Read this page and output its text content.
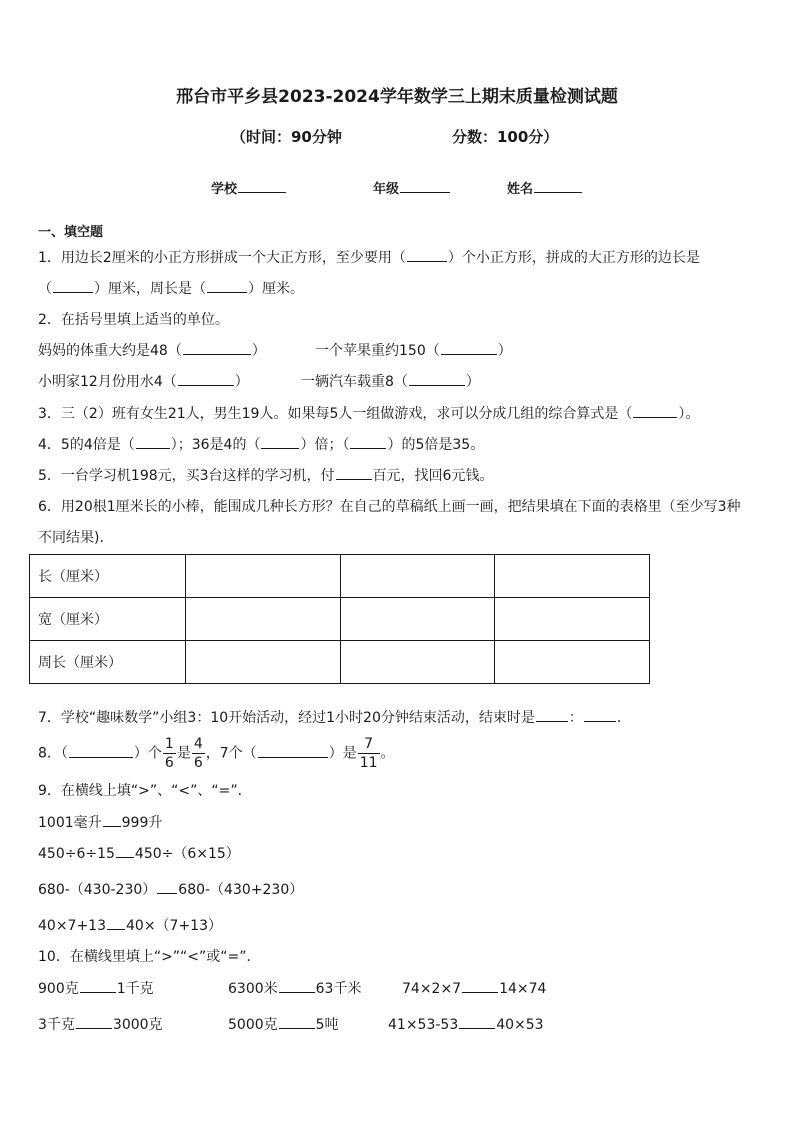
邢台市平乡县2023-2024学年数学三上期末质量检测试题
（时间：90分钟	分数：100分）
学校	年级	姓名
一、填空题
1．用边长2厘米的小正方形拼成一个大正方形，至少要用（	）个小正方形，拼成的大正方形的边长是
（	）厘米，周长是（	）厘米。
2．在括号里填上适当的单位。
妈妈的体重大约是48（	）	一个苹果重约150（	）
小明家12月份用水4（	）	一辆汽车载重8（	）
3．三（2）班有女生21人，男生19人。如果每5人一组做游戏，求可以分成几组的综合算式是（	）。
4．5的4倍是（	）；36是4的（	）倍；（	）的5倍是35。
5．一台学习机198元，买3台这样的学习机，付	百元，找回6元钱。
6．用20根1厘米长的小棒，能围成几种长方形？在自己的草稿纸上画一画，把结果填在下面的表格里（至少写3种
不同结果)．
长（厘米）			
宽（厘米）			
周长（厘米）			
7．学校“趣味数学”小组3：10开始活动，经过1小时20分钟结束活动，结束时是 ： ．
8．（	）个 $\frac{1}{6}$ 是 $\frac{4}{6}$ ，7个（	）是 $\frac{7}{11}$ 。
9．在横线上填“>”、“<”、“=”．
1001毫升 999升
450÷6÷15 450÷（6×15）
680-（430-230） 680-（430+230）
40×7+13 40×（7+13）
10．在横线里填上“>”“<”或“=”．
900克	1千克	6300米	63千米	74×2×7	14×74
3千克	3000克	5000克	5吨	41×53-53	40×53
